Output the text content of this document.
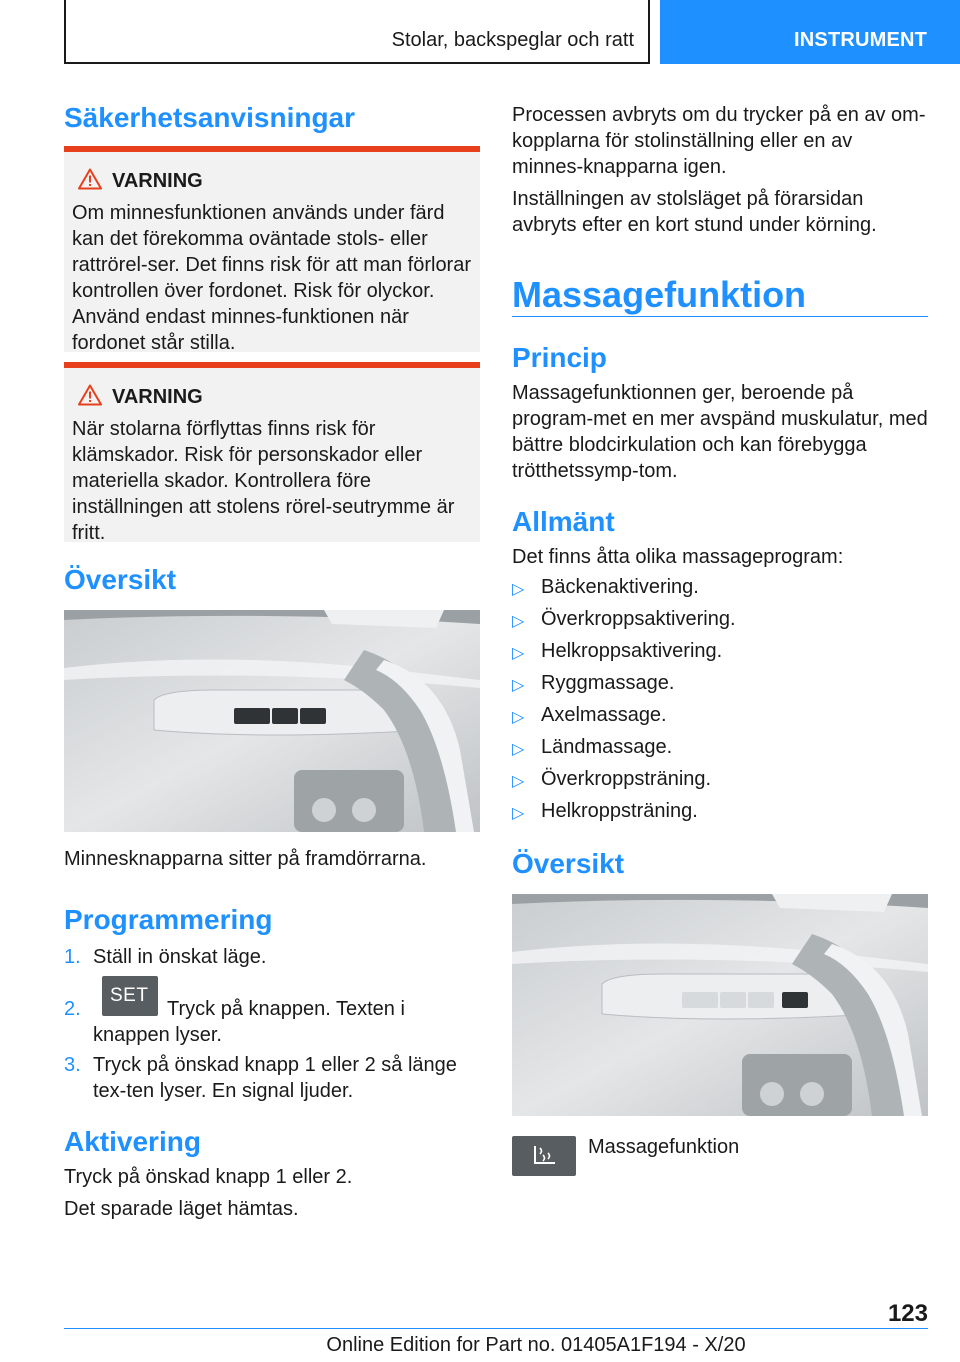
Stolar, backspeglar och ratt	INSTRUMENT
Säkerhetsanvisningar
VARNING
Om minnesfunktionen används under färd kan det förekomma oväntade stols- eller rattrörel-ser. Det finns risk för att man förlorar kontrollen över fordonet. Risk för olyckor. Använd endast minnes-funktionen när fordonet står stilla.
VARNING
När stolarna förflyttas finns risk för klämskador. Risk för personskador eller materiella skador. Kontrollera före inställningen att stolens rörel-seutrymme är fritt.
Översikt
Minnesknapparna sitter på framdörrarna.
Programmering
1. Ställ in önskat läge.
2.
SET
Tryck på knappen. Texten i knappen lyser.
3. Tryck på önskad knapp 1 eller 2 så länge tex-ten lyser. En signal ljuder.
Aktivering
Tryck på önskad knapp 1 eller 2.
Det sparade läget hämtas.
Processen avbryts om du trycker på en av om-kopplarna för stolinställning eller en av minnes-knapparna igen.
Inställningen av stolsläget på förarsidan avbryts efter en kort stund under körning.
Massagefunktion
Princip
Massagefunktionnen ger, beroende på program-met en mer avspänd muskulatur, med bättre blodcirkulation och kan förebygga trötthetssymp-tom.
Allmänt
Det finns åtta olika massageprogram:
▷ Bäckenaktivering.
▷ Överkroppsaktivering.
▷ Helkroppsaktivering.
▷ Ryggmassage.
▷ Axelmassage.
▷ Ländmassage.
▷ Överkroppsträning.
▷ Helkroppsträning.
Översikt
Massagefunktion
123
Online Edition for Part no. 01405A1F194 - X/20
